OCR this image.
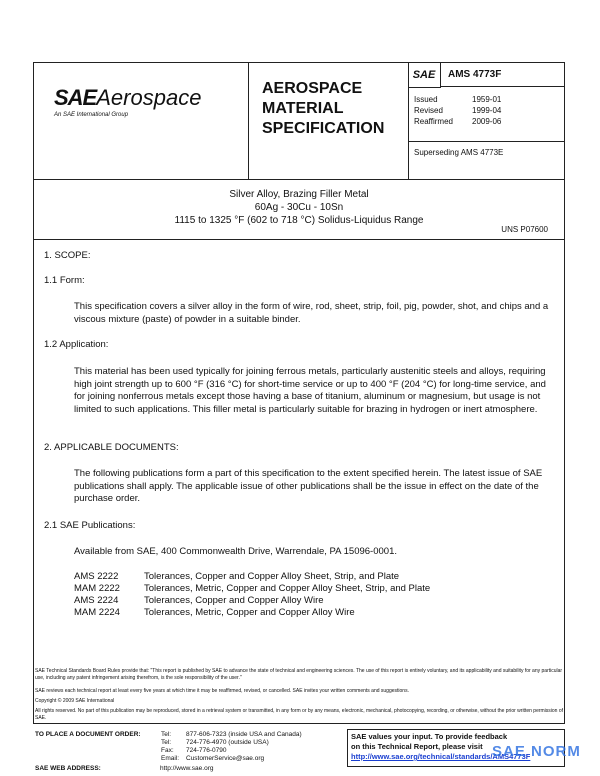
SAEAerospace
An SAE International Group
AEROSPACE
MATERIAL
SPECIFICATION
SAE	AMS 4773F
Issued	1959-01
Revised	1999-04
Reaffirmed	2009-06
Superseding AMS 4773E
Silver Alloy, Brazing Filler Metal
60Ag - 30Cu - 10Sn
1115 to 1325 °F (602 to 718 °C) Solidus-Liquidus Range
UNS P07600
1. SCOPE:
1.1 Form:
This specification covers a silver alloy in the form of wire, rod, sheet, strip, foil, pig, powder, shot, and chips and a viscous mixture (paste) of powder in a suitable binder.
1.2 Application:
This material has been used typically for joining ferrous metals, particularly austenitic steels and alloys, requiring high joint strength up to 600 °F (316 °C) for short-time service or up to 400 °F (204 °C) for long-time service, and for joining nonferrous metals except those having a base of titanium, aluminum or magnesium, but usage is not limited to such applications. This filler metal is particularly suitable for brazing in hydrogen or inert atmosphere.
2. APPLICABLE DOCUMENTS:
The following publications form a part of this specification to the extent specified herein. The latest issue of SAE publications shall apply. The applicable issue of other publications shall be the issue in effect on the date of the purchase order.
2.1 SAE Publications:
Available from SAE, 400 Commonwealth Drive, Warrendale, PA 15096-0001.
AMS 2222	Tolerances, Copper and Copper Alloy Sheet, Strip, and Plate
MAM 2222	Tolerances, Metric, Copper and Copper Alloy Sheet, Strip, and Plate
AMS 2224	Tolerances, Copper and Copper Alloy Wire
MAM 2224	Tolerances, Metric, Copper and Copper Alloy Wire
SAE Technical Standards Board Rules provide that: "This report is published by SAE to advance the state of technical and engineering sciences. The use of this report is entirely voluntary, and its applicability and suitability for any particular use, including any patent infringement arising therefrom, is the sole responsibility of the user."
SAE reviews each technical report at least every five years at which time it may be reaffirmed, revised, or cancelled. SAE invites your written comments and suggestions.
Copyright © 2009 SAE International
All rights reserved. No part of this publication may be reproduced, stored in a retrieval system or transmitted, in any form or by any means, electronic, mechanical, photocopying, recording, or otherwise, without the prior written permission of SAE.
TO PLACE A DOCUMENT ORDER:	Tel: 877-606-7323 (inside USA and Canada)
Tel: 724-776-4970 (outside USA)
Fax: 724-776-0790
Email: CustomerService@sae.org
SAE WEB ADDRESS:	http://www.sae.org
SAE values your input. To provide feedback
on this Technical Report, please visit
http://www.sae.org/technical/standards/AMS4773F
SAE NORM
